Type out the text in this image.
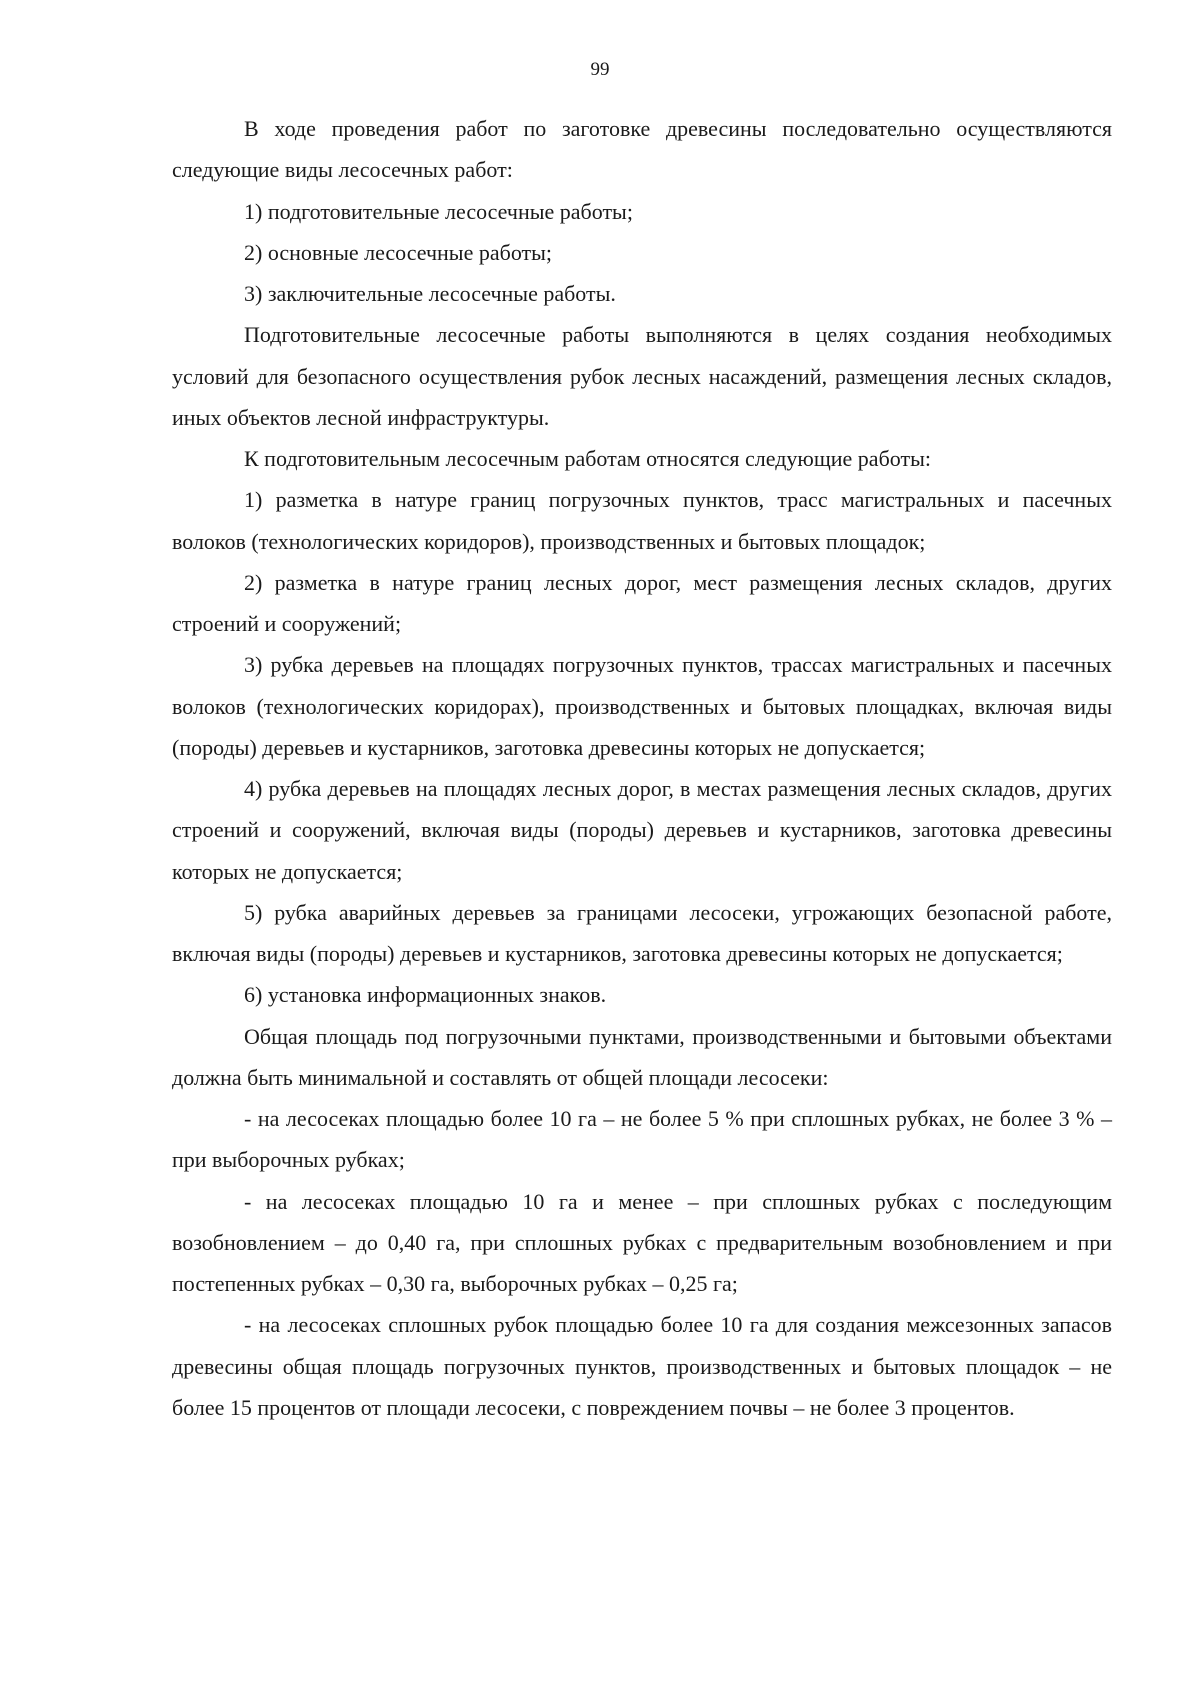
99

В ходе проведения работ по заготовке древесины последовательно осуществляются следующие виды лесосечных работ:

1) подготовительные лесосечные работы;

2) основные лесосечные работы;

3) заключительные лесосечные работы.

Подготовительные лесосечные работы выполняются в целях создания необходимых условий для безопасного осуществления рубок лесных насаждений, размещения лесных складов, иных объектов лесной инфраструктуры.

К подготовительным лесосечным работам относятся следующие работы:

1) разметка в натуре границ погрузочных пунктов, трасс магистральных и пасечных волоков (технологических коридоров), производственных и бытовых площадок;

2) разметка в натуре границ лесных дорог, мест размещения лесных складов, других строений и сооружений;

3) рубка деревьев на площадях погрузочных пунктов, трассах магистральных и пасечных волоков (технологических коридорах), производственных и бытовых площадках, включая виды (породы) деревьев и кустарников, заготовка древесины которых не допускается;

4) рубка деревьев на площадях лесных дорог, в местах размещения лесных складов, других строений и сооружений, включая виды (породы) деревьев и кустарников, заготовка древесины которых не допускается;

5) рубка аварийных деревьев за границами лесосеки, угрожающих безопасной работе, включая виды (породы) деревьев и кустарников, заготовка древесины которых не допускается;

6) установка информационных знаков.

Общая площадь под погрузочными пунктами, производственными и бытовыми объектами должна быть минимальной и составлять от общей площади лесосеки:

- на лесосеках площадью более 10 га – не более 5 % при сплошных рубках, не более 3 % – при выборочных рубках;

- на лесосеках площадью 10 га и менее – при сплошных рубках с последующим возобновлением – до 0,40 га, при сплошных рубках с предварительным возобновлением и при постепенных рубках – 0,30 га, выборочных рубках – 0,25 га;

- на лесосеках сплошных рубок площадью более 10 га для создания межсезонных запасов древесины общая площадь погрузочных пунктов, производственных и бытовых площадок – не более 15 процентов от площади лесосеки, с повреждением почвы – не более 3 процентов.
